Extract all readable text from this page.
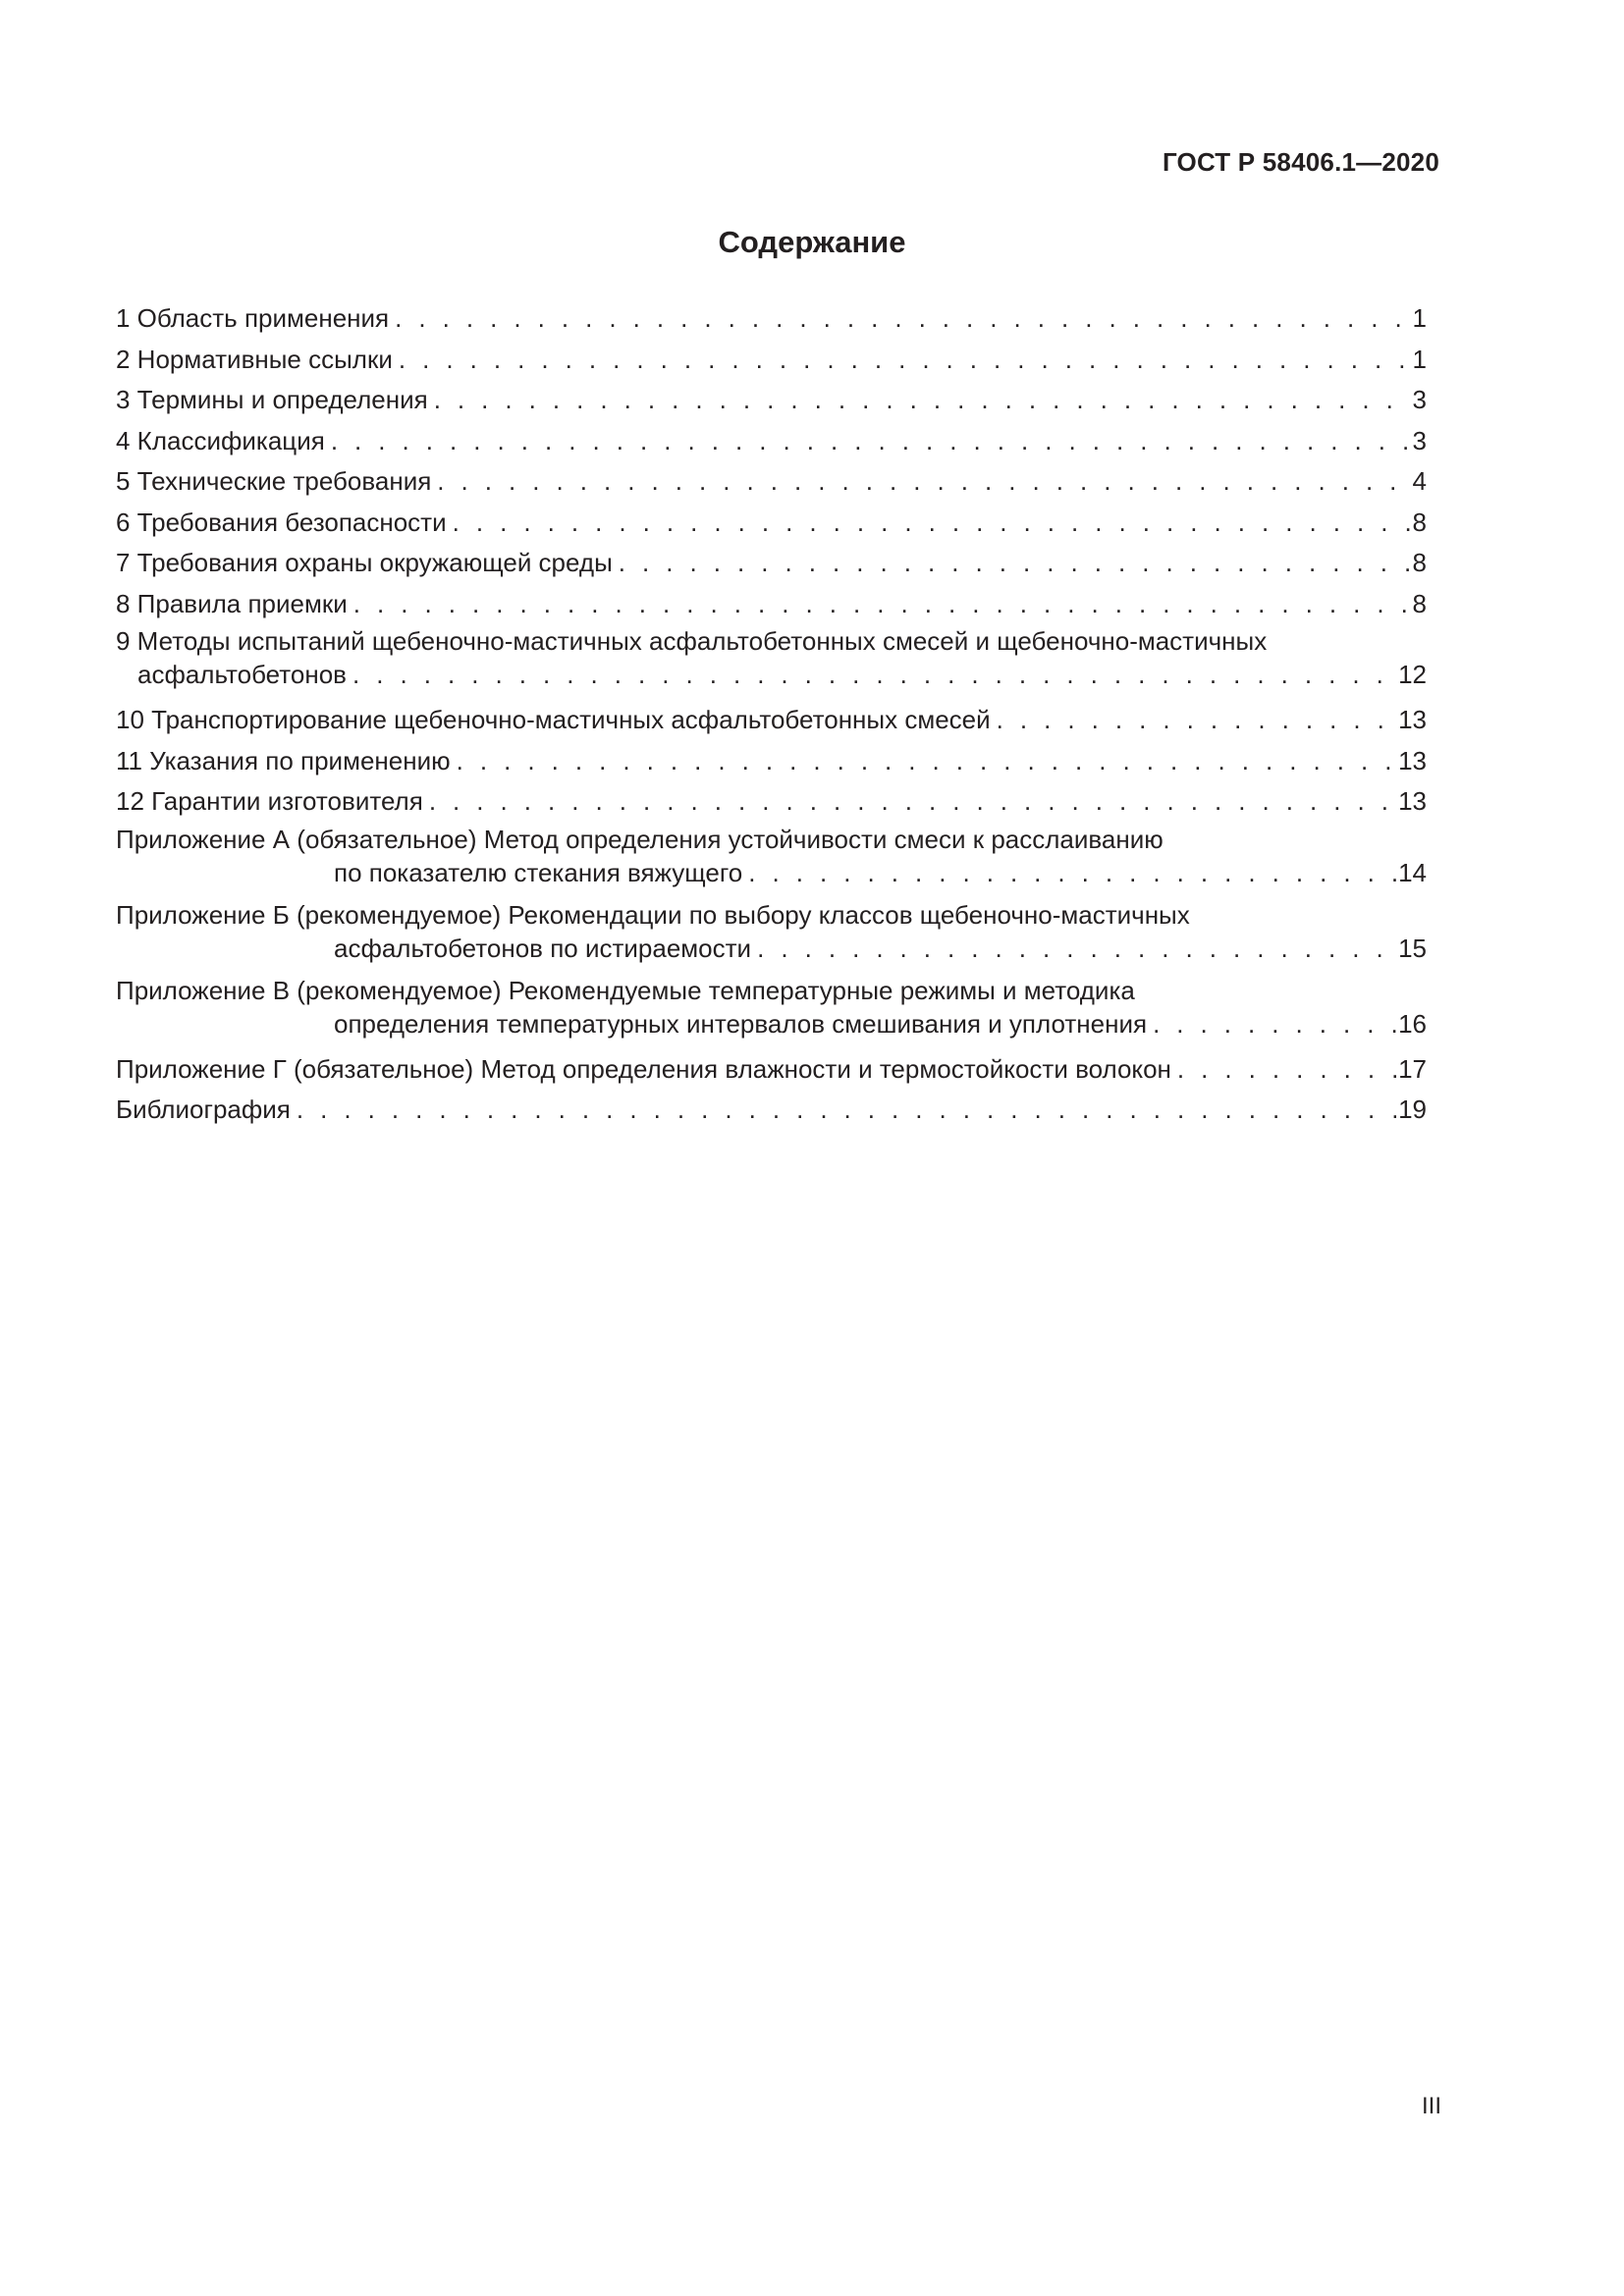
ГОСТ Р 58406.1—2020
Содержание
1 Область применения . . .	1
2 Нормативные ссылки . . .	1
3 Термины и определения . . .	3
4 Классификация . . .	3
5 Технические требования . . .	4
6 Требования безопасности . . .	8
7 Требования охраны окружающей среды . . .	8
8 Правила приемки . . .	8
9 Методы испытаний щебеночно-мастичных асфальтобетонных смесей и щебеночно-мастичных
асфальтобетонов . . .	12
10 Транспортирование щебеночно-мастичных асфальтобетонных смесей . . .	13
11 Указания по применению . . .	13
12 Гарантии изготовителя . . .	13
Приложение А (обязательное) Метод определения устойчивости смеси к расслаиванию
по показателю стекания вяжущего . . .	14
Приложение Б (рекомендуемое) Рекомендации по выбору классов щебеночно-мастичных
асфальтобетонов по истираемости . . .	15
Приложение В (рекомендуемое) Рекомендуемые температурные режимы и методика
определения температурных интервалов смешивания и уплотнения . . .	16
Приложение Г (обязательное) Метод определения влажности и термостойкости волокон . . .	17
Библиография . . .	19
III
